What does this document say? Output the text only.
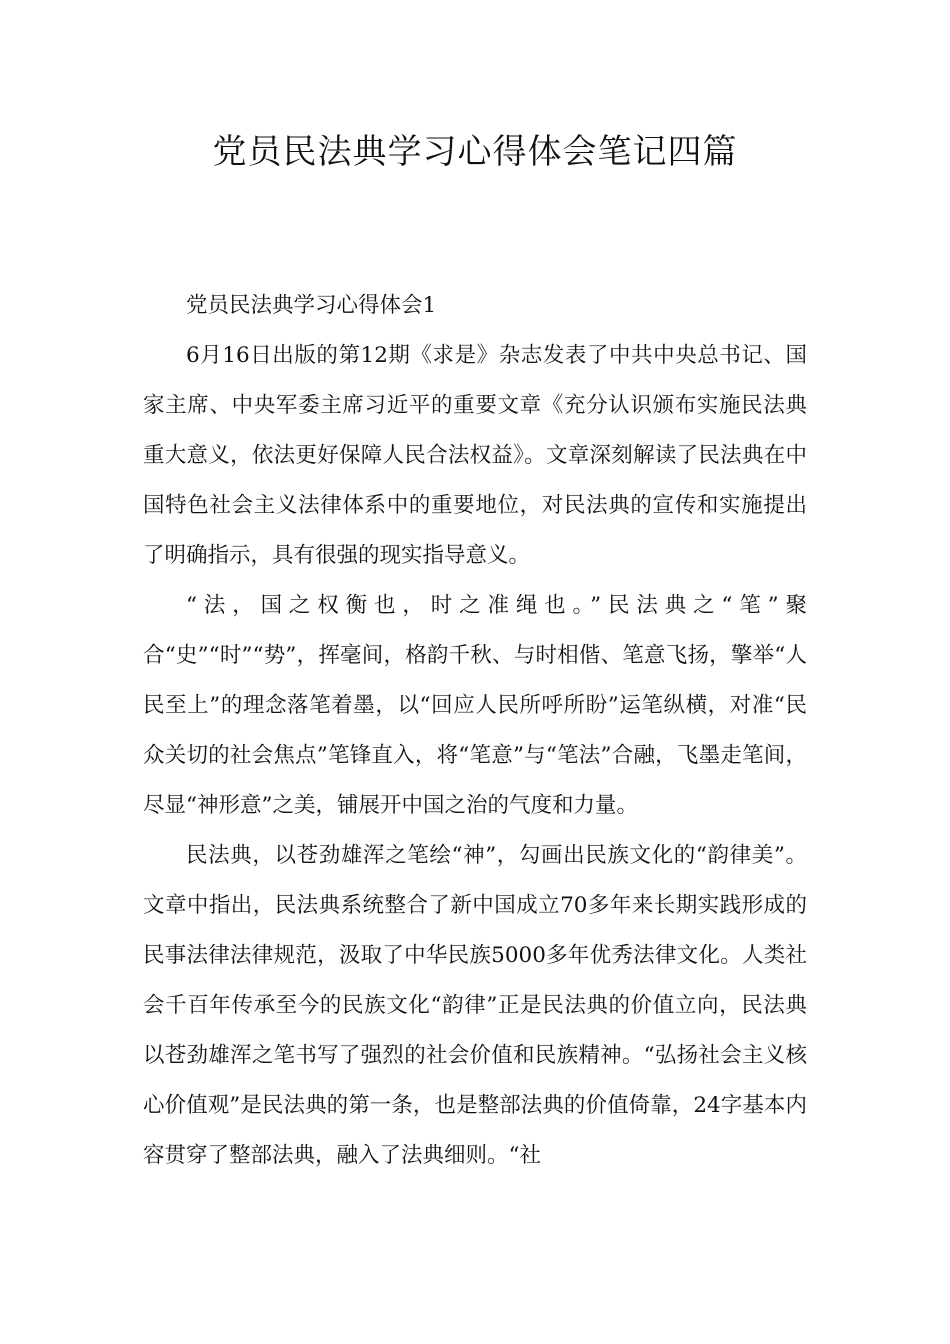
党员民法典学习心得体会笔记四篇

党员民法典学习心得体会1

6月16日出版的第12期《求是》杂志发表了中共中央总书记、国家主席、中央军委主席习近平的重要文章《充分认识颁布实施民法典重大意义，依法更好保障人民合法权益》。文章深刻解读了民法典在中国特色社会主义法律体系中的重要地位，对民法典的宣传和实施提出了明确指示，具有很强的现实指导意义。

“法，国之权衡也，时之准绳也。”民法典之“笔”聚合“史”“时”“势”，挥毫间，格韵千秋、与时相偕、笔意飞扬，擎举“人民至上”的理念落笔着墨，以“回应人民所呼所盼”运笔纵横，对准“民众关切的社会焦点”笔锋直入，将“笔意”与“笔法”合融，飞墨走笔间，尽显“神形意”之美，铺展开中国之治的气度和力量。

民法典，以苍劲雄浑之笔绘“神”，勾画出民族文化的“韵律美”。文章中指出，民法典系统整合了新中国成立70多年来长期实践形成的民事法律法律规范，汲取了中华民族5000多年优秀法律文化。人类社会千百年传承至今的民族文化“韵律”正是民法典的价值立向，民法典以苍劲雄浑之笔书写了强烈的社会价值和民族精神。“弘扬社会主义核心价值观”是民法典的第一条，也是整部法典的价值倚靠，24字基本内容贯穿了整部法典，融入了法典细则。“社
